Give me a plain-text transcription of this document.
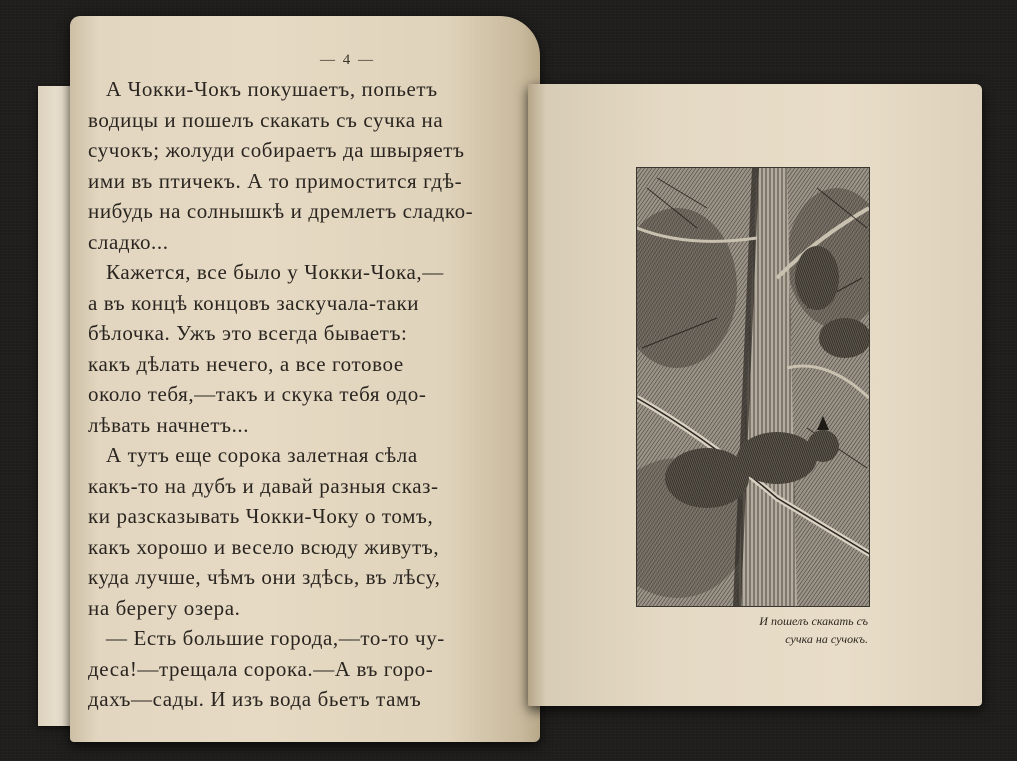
— 4 —
А Чокки-Чокъ покушаетъ, попьетъ
водицы и пошелъ скакать съ сучка на
сучокъ; жолуди собираетъ да швыряетъ
ими въ птичекъ. А то примостится гдѣ-
нибудь на солнышкѣ и дремлетъ сладко-
сладко...
Кажется, все было у Чокки-Чока,—
а въ концѣ концовъ заскучала-таки
бѣлочка. Ужъ это всегда бываетъ:
какъ дѣлать нечего, а все готовое
около тебя,—такъ и скука тебя одо-
лѣвать начнетъ...
А тутъ еще сорока залетная сѣла
какъ-то на дубъ и давай разныя сказ-
ки разсказывать Чокки-Чоку о томъ,
какъ хорошо и весело всюду живутъ,
куда лучше, чѣмъ они здѣсь, въ лѣсу,
на берегу озера.
— Есть большие города,—то-то чу-
деса!—трещала сорока.—А въ горо-
дахъ—сады. И изъ вода бьетъ тамъ
И пошелъ скакать съ
сучка на сучокъ.
